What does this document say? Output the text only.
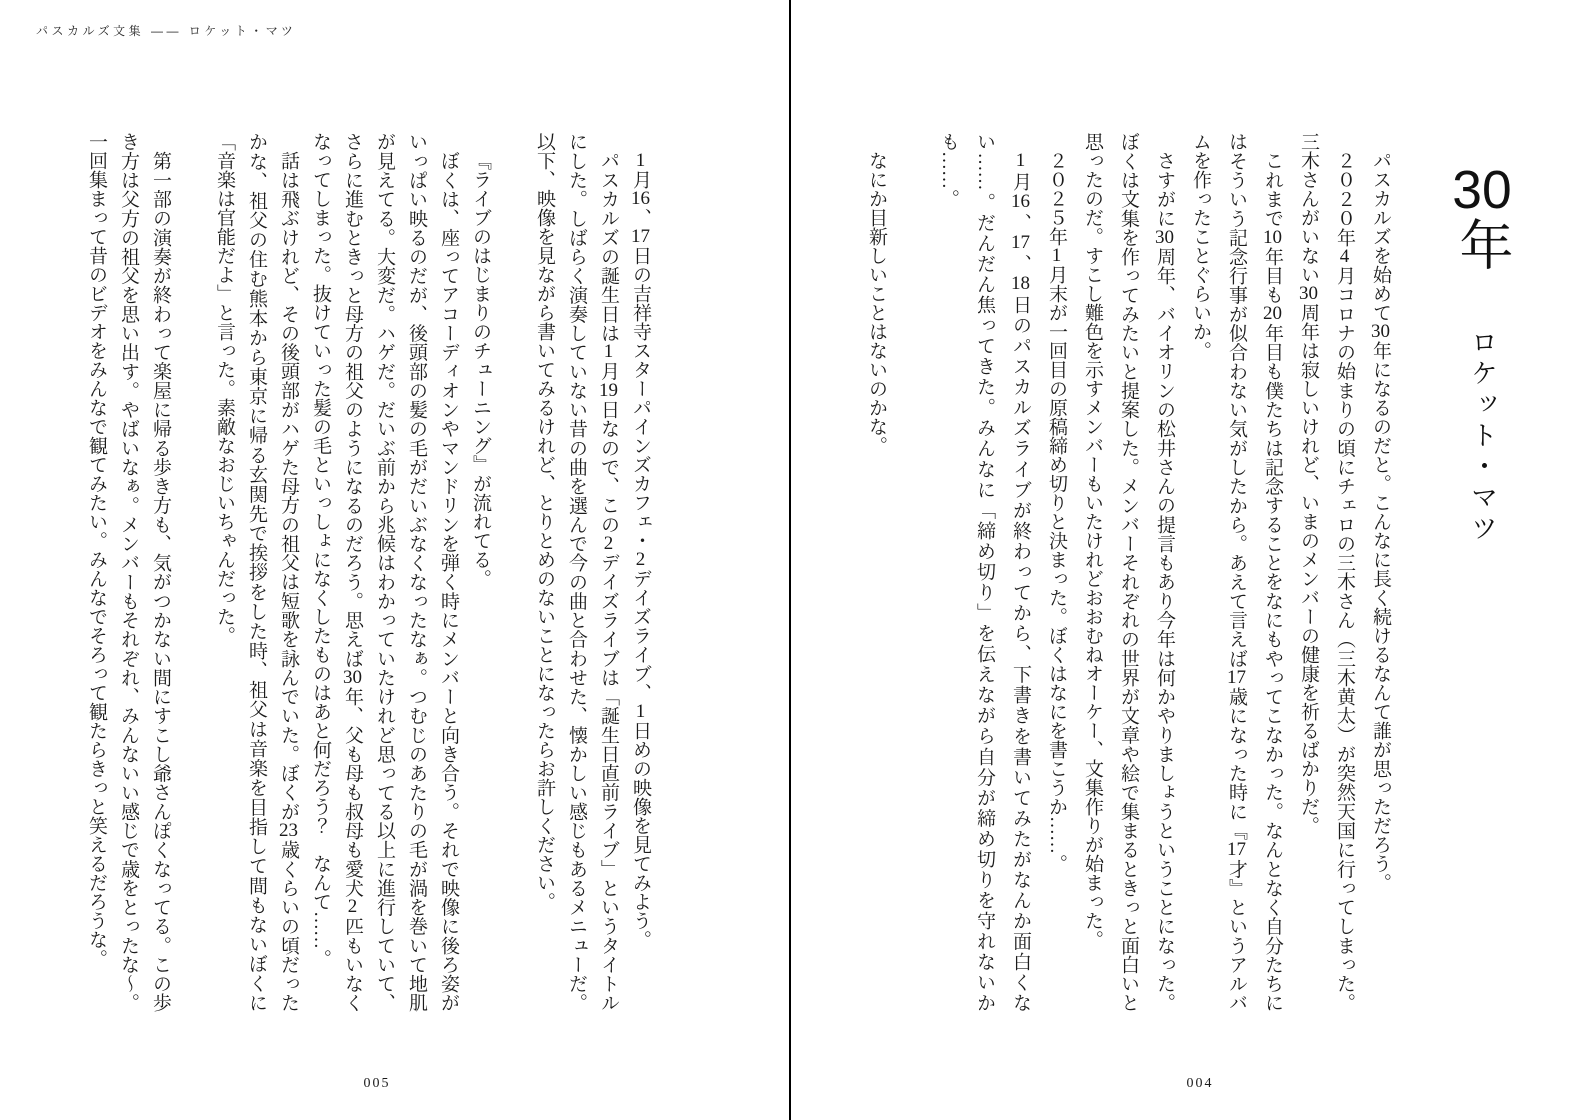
パスカルズ文集 ―― ロケット・マツ

1月16、17日の吉祥寺スターパインズカフェ・2デイズライブ、1日めの映像を見てみよう。

パスカルズの誕生日は1月19日なので、この2デイズライブは「誕生日直前ライブ」というタイトルにした。しばらく演奏していない昔の曲を選んで今の曲と合わせた、懐かしい感じもあるメニューだ。以下、映像を見ながら書いてみるけれど、とりとめのないことになったらお許しください。

『ライブのはじまりのチューニング』が流れてる。

ぼくは、座ってアコーディオンやマンドリンを弾く時にメンバーと向き合う。それで映像に後ろ姿がいっぱい映るのだが、後頭部の髪の毛がだいぶなくなったなぁ。つむじのあたりの毛が渦を巻いて地肌が見えてる。大変だ。ハゲだ。だいぶ前から兆候はわかっていたけれど思ってる以上に進行していて、さらに進むときっと母方の祖父のようになるのだろう。思えば30年、父も母も叔母も愛犬2匹もいなくなってしまった。抜けていった髪の毛といっしょになくしたものはあと何だろう？　なんて……。

話は飛ぶけれど、その後頭部がハゲた母方の祖父は短歌を詠んでいた。ぼくが23歳くらいの頃だったかな、祖父の住む熊本から東京に帰る玄関先で挨拶をした時、祖父は音楽を目指して間もないぼくに「音楽は官能だよ」と言った。素敵なおじいちゃんだった。

第一部の演奏が終わって楽屋に帰る歩き方も、気がつかない間にすこし爺さんぽくなってる。この歩き方は父方の祖父を思い出す。やばいなぁ。メンバーもそれぞれ、みんないい感じで歳をとったな〜。一回集まって昔のビデオをみんなで観てみたい。みんなでそろって観たらきっと笑えるだろうな。

005
30年ロケット・マツ

パスカルズを始めて30年になるのだと。こんなに長く続けるなんて誰が思っただろう。

２０２０年4月コロナの始まりの頃にチェロの三木さん（三木黄太）が突然天国に行ってしまった。三木さんがいない30周年は寂しいけれど、いまのメンバーの健康を祈るばかりだ。

これまで10年目も20年目も僕たちは記念することをなにもやってこなかった。なんとなく自分たちにはそういう記念行事が似合わない気がしたから。あえて言えば17歳になった時に『17才』というアルバムを作ったことぐらいか。

さすがに30周年、バイオリンの松井さんの提言もあり今年は何かやりましょうということになった。ぼくは文集を作ってみたいと提案した。メンバーそれぞれの世界が文章や絵で集まるときっと面白いと思ったのだ。すこし難色を示すメンバーもいたけれどおおむねオーケー、文集作りが始まった。

２０２５年1月末が一回目の原稿締め切りと決まった。ぼくはなにを書こうか……。

1月16、17、18日のパスカルズライブが終わってから、下書きを書いてみたがなんか面白くない……。だんだん焦ってきた。みんなに「締め切り」を伝えながら自分が締め切りを守れないかも……。

なにか目新しいことはないのかな。

004
